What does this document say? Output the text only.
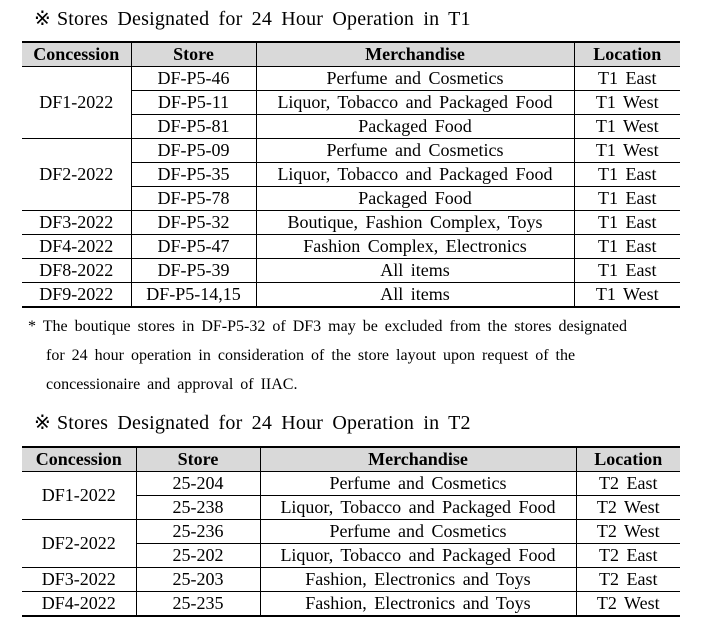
※ Stores Designated for 24 Hour Operation in T1
Concession	Store	Merchandise	Location
DF1-2022	DF-P5-46	Perfume and Cosmetics	T1 East
	DF-P5-11	Liquor, Tobacco and Packaged Food	T1 West
	DF-P5-81	Packaged Food	T1 West
DF2-2022	DF-P5-09	Perfume and Cosmetics	T1 West
	DF-P5-35	Liquor, Tobacco and Packaged Food	T1 East
	DF-P5-78	Packaged Food	T1 East
DF3-2022	DF-P5-32	Boutique, Fashion Complex, Toys	T1 East
DF4-2022	DF-P5-47	Fashion Complex, Electronics	T1 East
DF8-2022	DF-P5-39	All items	T1 East
DF9-2022	DF-P5-14,15	All items	T1 West
* The boutique stores in DF-P5-32 of DF3 may be excluded from the stores designated
for 24 hour operation in consideration of the store layout upon request of the
concessionaire and approval of IIAC.
※ Stores Designated for 24 Hour Operation in T2
Concession	Store	Merchandise	Location
DF1-2022	25-204	Perfume and Cosmetics	T2 East
	25-238	Liquor, Tobacco and Packaged Food	T2 West
DF2-2022	25-236	Perfume and Cosmetics	T2 West
	25-202	Liquor, Tobacco and Packaged Food	T2 East
DF3-2022	25-203	Fashion, Electronics and Toys	T2 East
DF4-2022	25-235	Fashion, Electronics and Toys	T2 West
